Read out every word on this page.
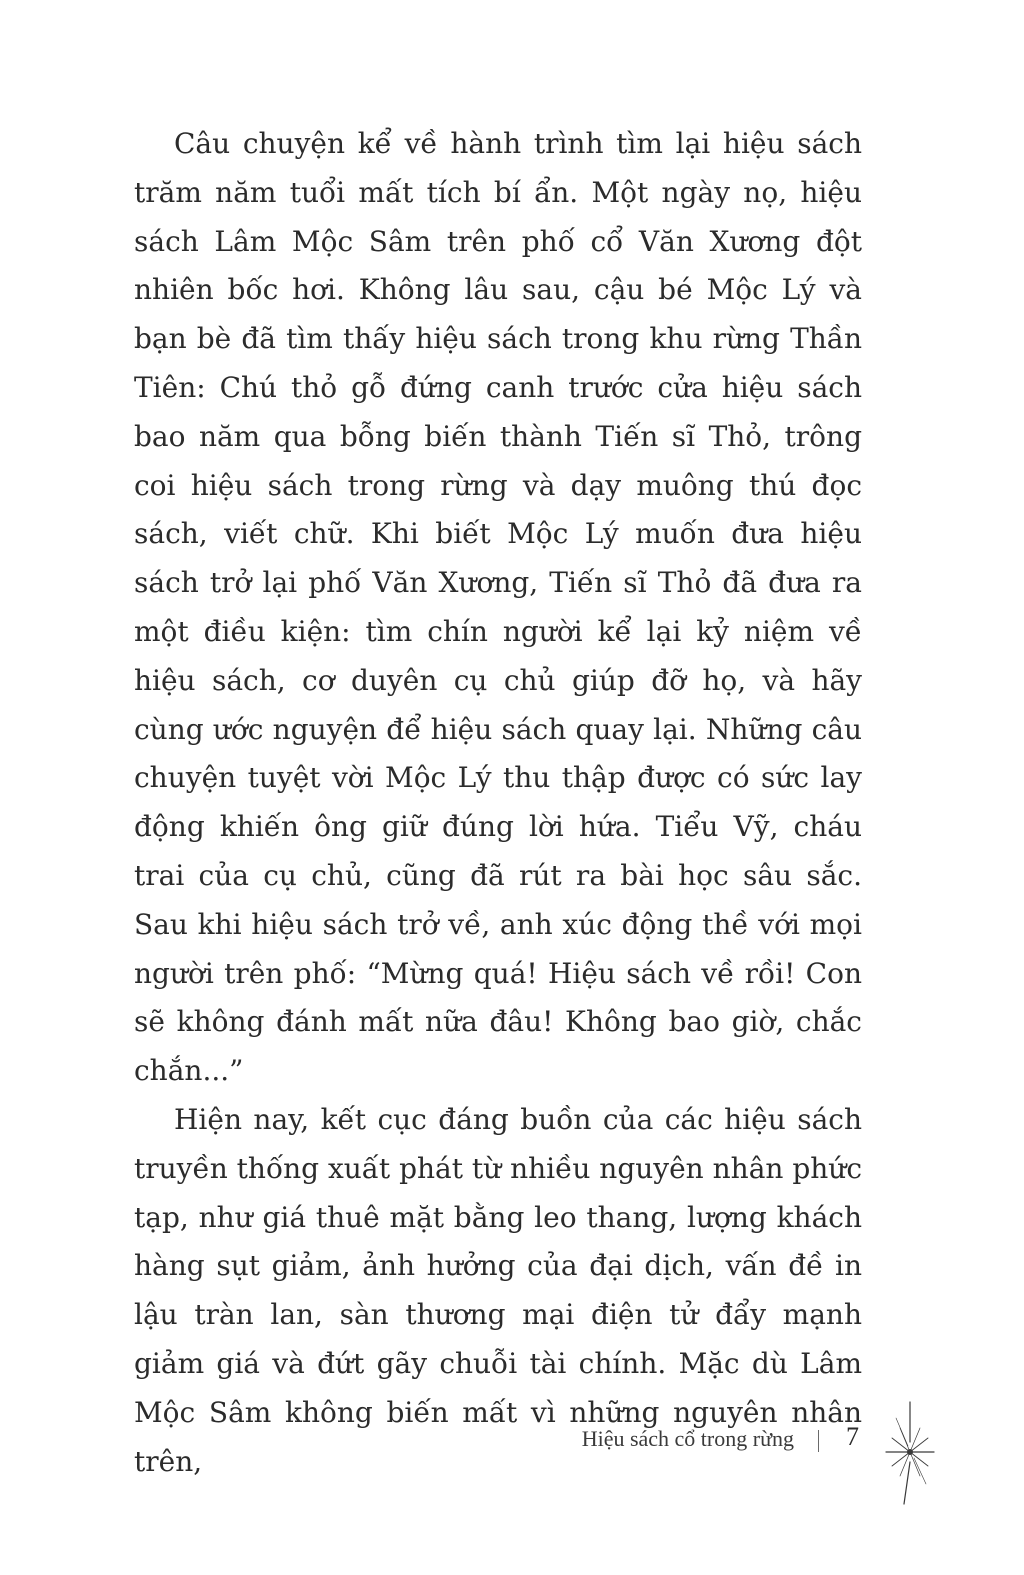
Câu chuyện kể về hành trình tìm lại hiệu sách trăm năm tuổi mất tích bí ẩn. Một ngày nọ, hiệu sách Lâm Mộc Sâm trên phố cổ Văn Xương đột nhiên bốc hơi. Không lâu sau, cậu bé Mộc Lý và bạn bè đã tìm thấy hiệu sách trong khu rừng Thần Tiên: Chú thỏ gỗ đứng canh trước cửa hiệu sách bao năm qua bỗng biến thành Tiến sĩ Thỏ, trông coi hiệu sách trong rừng và dạy muông thú đọc sách, viết chữ. Khi biết Mộc Lý muốn đưa hiệu sách trở lại phố Văn Xương, Tiến sĩ Thỏ đã đưa ra một điều kiện: tìm chín người kể lại kỷ niệm về hiệu sách, cơ duyên cụ chủ giúp đỡ họ, và hãy cùng ước nguyện để hiệu sách quay lại. Những câu chuyện tuyệt vời Mộc Lý thu thập được có sức lay động khiến ông giữ đúng lời hứa. Tiểu Vỹ, cháu trai của cụ chủ, cũng đã rút ra bài học sâu sắc. Sau khi hiệu sách trở về, anh xúc động thề với mọi người trên phố: “Mừng quá! Hiệu sách về rồi! Con sẽ không đánh mất nữa đâu! Không bao giờ, chắc chắn...”

Hiện nay, kết cục đáng buồn của các hiệu sách truyền thống xuất phát từ nhiều nguyên nhân phức tạp, như giá thuê mặt bằng leo thang, lượng khách hàng sụt giảm, ảnh hưởng của đại dịch, vấn đề in lậu tràn lan, sàn thương mại điện tử đẩy mạnh giảm giá và đứt gãy chuỗi tài chính. Mặc dù Lâm Mộc Sâm không biến mất vì những nguyên nhân trên,

Hiệu sách cổ trong rừng 7
